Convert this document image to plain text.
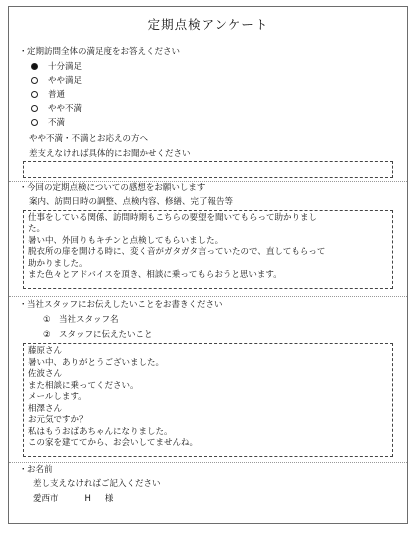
定期点検アンケート
・定期訪問全体の満足度をお答えください
十分満足
やや満足
普通
やや不満
不満
やや不満・不満とお応えの方へ
差支えなければ具体的にお聞かせください
・今回の定期点検についての感想をお願いします
案内、訪問日時の調整、点検内容、修繕、完了報告等
仕事をしている関係、訪問時期もこちらの要望を聞いてもらって助かりまし
た。
暑い中、外回りもキチンと点検してもらいました。
脱衣所の扉を開ける時に、変く音がガタガタ言っていたので、直してもらって
助かりました。
また色々とアドバイスを頂き、相談に乗ってもらおうと思います。
・当社スタッフにお伝えしたいことをお書きください
① 当社スタッフ名
② スタッフに伝えたいこと
藤原さん
暑い中、ありがとうございました。
佐波さん
また相談に乗ってください。
メールします。
相澤さん
お元気ですか？
私はもうおばあちゃんになりました。
この家を建ててから、お会いしてませんね。
・お名前
差し支えなければご記入ください
愛西市	H 様
